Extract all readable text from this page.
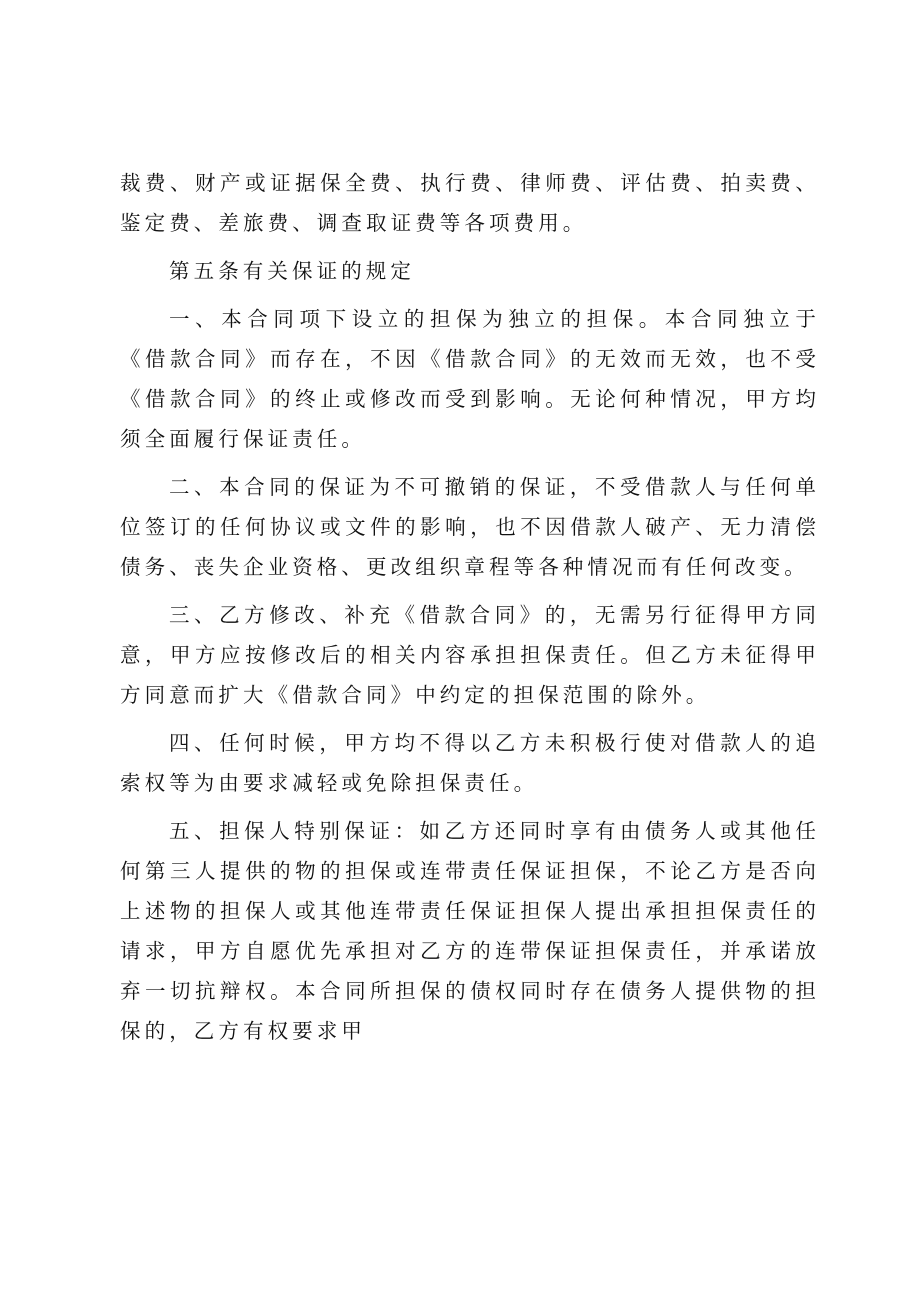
裁费、财产或证据保全费、执行费、律师费、评估费、拍卖费、鉴定费、差旅费、调查取证费等各项费用。

第五条有关保证的规定

一、本合同项下设立的担保为独立的担保。本合同独立于《借款合同》而存在，不因《借款合同》的无效而无效，也不受《借款合同》的终止或修改而受到影响。无论何种情况，甲方均须全面履行保证责任。

二、本合同的保证为不可撤销的保证，不受借款人与任何单位签订的任何协议或文件的影响，也不因借款人破产、无力清偿债务、丧失企业资格、更改组织章程等各种情况而有任何改变。

三、乙方修改、补充《借款合同》的，无需另行征得甲方同意，甲方应按修改后的相关内容承担担保责任。但乙方未征得甲方同意而扩大《借款合同》中约定的担保范围的除外。

四、任何时候，甲方均不得以乙方未积极行使对借款人的追索权等为由要求减轻或免除担保责任。

五、担保人特别保证：如乙方还同时享有由债务人或其他任何第三人提供的物的担保或连带责任保证担保，不论乙方是否向上述物的担保人或其他连带责任保证担保人提出承担担保责任的请求，甲方自愿优先承担对乙方的连带保证担保责任，并承诺放弃一切抗辩权。本合同所担保的债权同时存在债务人提供物的担保的，乙方有权要求甲
